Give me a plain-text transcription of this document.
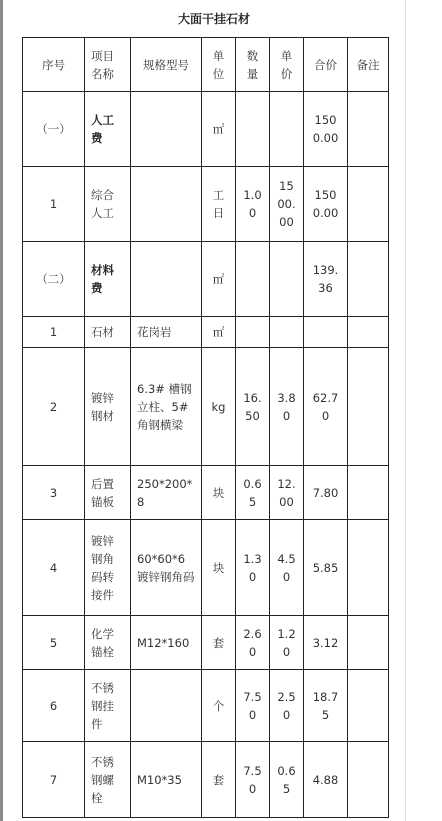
大面干挂石材
序号	项目名称	规格型号	单位	数量	单价	合价	备注
（一）	人工费		㎡			1500.00	
1	综合人工		工日	1.00	1500.00	1500.00	
（二）	材料费		㎡			139.36	
1	石材	花岗岩	㎡				
2	镀锌钢材	6.3# 槽钢 立柱、5# 角钢横梁	kg	16.50	3.80	62.70	
3	后置锚板	250*200*8	块	0.65	12.00	7.80	
4	镀锌钢角码转接件	60*60*6镀锌钢角码	块	1.30	4.50	5.85	
5	化学锚栓	M12*160	套	2.60	1.20	3.12	
6	不锈钢挂件		个	7.50	2.50	18.75	
7	不锈钢螺栓	M10*35	套	7.50	0.65	4.88	
